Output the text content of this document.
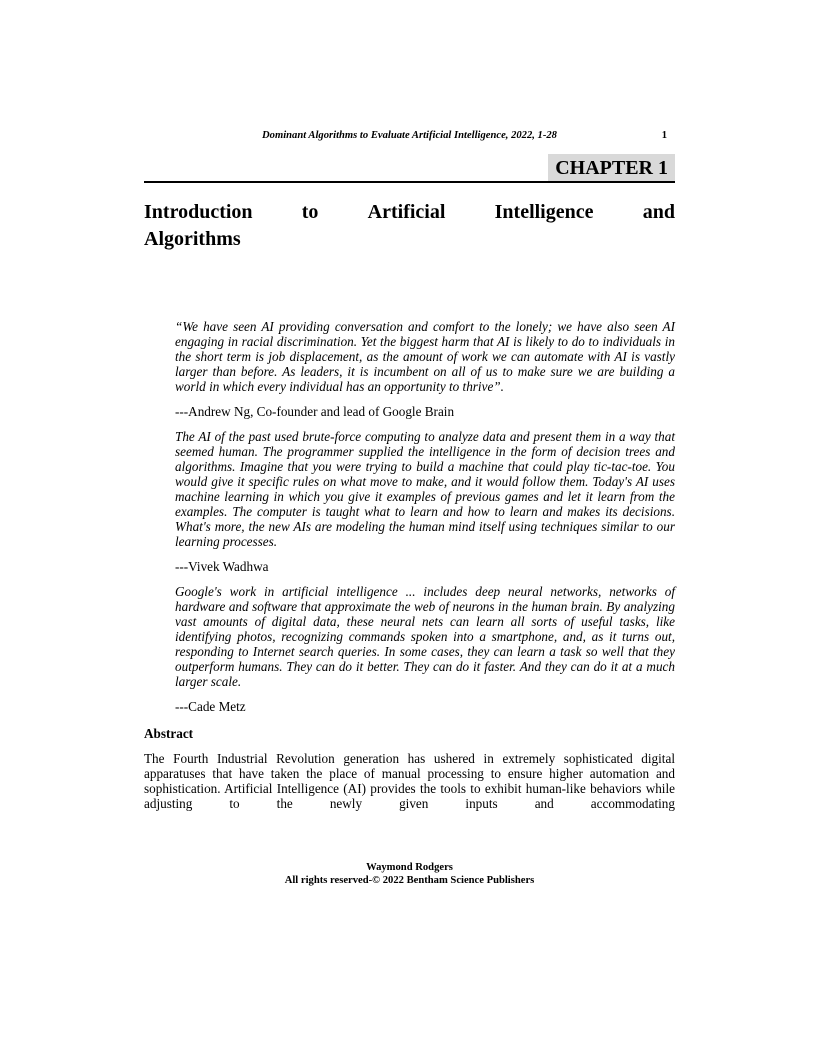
Dominant Algorithms to Evaluate Artificial Intelligence, 2022, 1-28	1
CHAPTER 1
Introduction to Artificial Intelligence and
Algorithms

“We have seen AI providing conversation and comfort to the lonely; we have also seen AI engaging in racial discrimination. Yet the biggest harm that AI is likely to do to individuals in the short term is job displacement, as the amount of work we can automate with AI is vastly larger than before. As leaders, it is incumbent on all of us to make sure we are building a world in which every individual has an opportunity to thrive”.

---Andrew Ng, Co-founder and lead of Google Brain

The AI of the past used brute-force computing to analyze data and present them in a way that seemed human. The programmer supplied the intelligence in the form of decision trees and algorithms. Imagine that you were trying to build a machine that could play tic-tac-toe. You would give it specific rules on what move to make, and it would follow them. Today's AI uses machine learning in which you give it examples of previous games and let it learn from the examples. The computer is taught what to learn and how to learn and makes its decisions. What's more, the new AIs are modeling the human mind itself using techniques similar to our learning processes.

---Vivek Wadhwa

Google's work in artificial intelligence ... includes deep neural networks, networks of hardware and software that approximate the web of neurons in the human brain. By analyzing vast amounts of digital data, these neural nets can learn all sorts of useful tasks, like identifying photos, recognizing commands spoken into a smartphone, and, as it turns out, responding to Internet search queries. In some cases, they can learn a task so well that they outperform humans. They can do it better. They can do it faster. And they can do it at a much larger scale.

---Cade Metz

Abstract

The Fourth Industrial Revolution generation has ushered in extremely sophisticated digital apparatuses that have taken the place of manual processing to ensure higher automation and sophistication. Artificial Intelligence (AI) provides the tools to exhibit human-like behaviors while adjusting to the newly given inputs and accommodating

Waymond Rodgers
All rights reserved-© 2022 Bentham Science Publishers
